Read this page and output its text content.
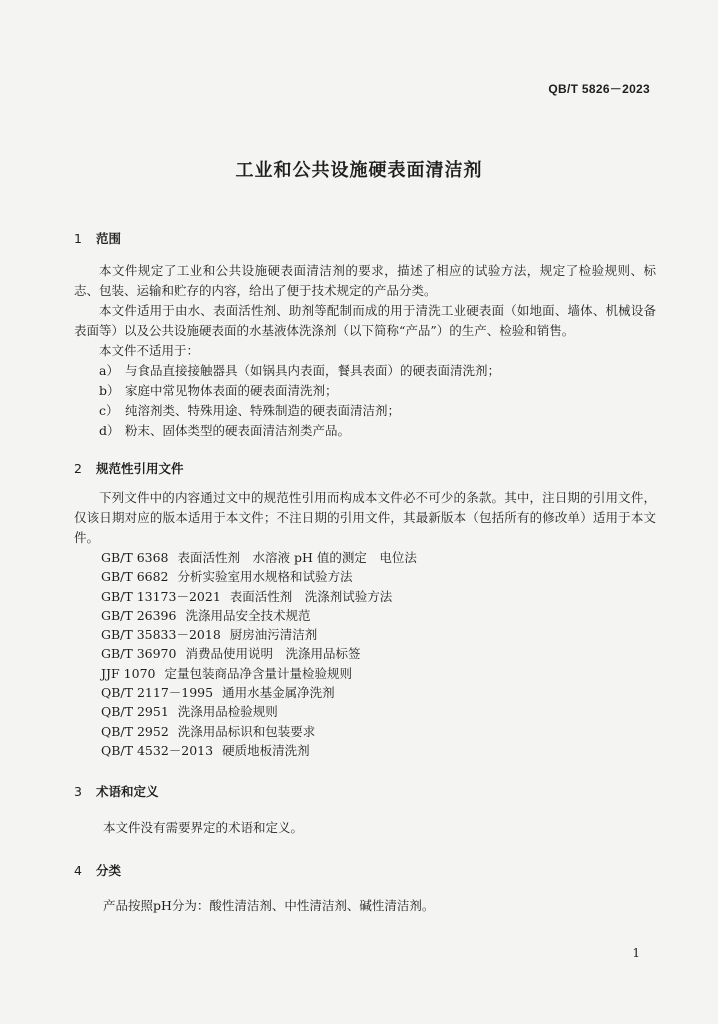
QB/T 5826－2023
工业和公共设施硬表面清洁剂
1 范围
本文件规定了工业和公共设施硬表面清洁剂的要求，描述了相应的试验方法，规定了检验规则、标志、包装、运输和贮存的内容，给出了便于技术规定的产品分类。
本文件适用于由水、表面活性剂、助剂等配制而成的用于清洗工业硬表面（如地面、墙体、机械设备表面等）以及公共设施硬表面的水基液体洗涤剂（以下简称“产品”）的生产、检验和销售。
本文件不适用于：
a） 与食品直接接触器具（如锅具内表面，餐具表面）的硬表面清洗剂；
b） 家庭中常见物体表面的硬表面清洗剂；
c） 纯溶剂类、特殊用途、特殊制造的硬表面清洁剂；
d） 粉末、固体类型的硬表面清洁剂类产品。
2 规范性引用文件
下列文件中的内容通过文中的规范性引用而构成本文件必不可少的条款。其中，注日期的引用文件，仅该日期对应的版本适用于本文件；不注日期的引用文件，其最新版本（包括所有的修改单）适用于本文件。
GB/T 6368 表面活性剂　水溶液 pH 值的测定　电位法
GB/T 6682 分析实验室用水规格和试验方法
GB/T 13173－2021 表面活性剂　洗涤剂试验方法
GB/T 26396 洗涤用品安全技术规范
GB/T 35833－2018 厨房油污清洁剂
GB/T 36970 消费品使用说明　洗涤用品标签
JJF 1070 定量包装商品净含量计量检验规则
QB/T 2117－1995 通用水基金属净洗剂
QB/T 2951 洗涤用品检验规则
QB/T 2952 洗涤用品标识和包装要求
QB/T 4532－2013 硬质地板清洗剂
3 术语和定义
本文件没有需要界定的术语和定义。
4 分类
产品按照pH分为：酸性清洁剂、中性清洁剂、碱性清洁剂。
1
